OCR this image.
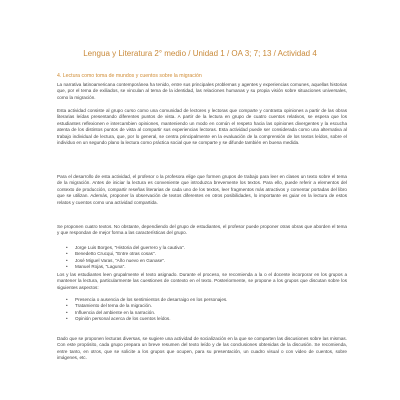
Lengua y Literatura 2° medio / Unidad 1 / OA 3; 7; 13 / Actividad 4
4. Lectura como toma de mundos y cuentos sobre la migración

La narrativa latinoamericana contemporánea ha tenido, entre sus principales problemas y agentes y experiencias comunes, aquellas historias que, por el tema de exiliados, se vinculan al tema de la identidad, las relaciones humanas y su propia visión sobre situaciones universales, como la migración.

Esta actividad consiste al grupo curso como una comunidad de lectores y lectoras que comparte y contrasta opiniones a partir de las obras literarias leídas presentando diferentes puntos de vista. A partir de la lectura en grupo de cuatro cuentos relativos, se espera que los estudiantes reflexionen e intercambien opiniones, manteniendo un modo en común el respeto hacia las opiniones divergentes y la escucha atenta de los distintos puntos de vista al compartir sus experiencias lectoras. Esta actividad puede ser considerada como una alternativa al trabajo individual de lectura, que, por lo general, se centra principalmente en la evaluación de la comprensión de los textos leídos, sobre el individuo en un segundo plano la lectura como práctica social que se comparte y se difunde también en buena medida.

Para el desarrollo de esta actividad, el profesor o la profesora elige que formen grupos de trabajo para leer en clases un texto sobre el tema de la migración. Antes de iniciar la lectura es conveniente que introduzca brevemente los textos. Para ello, puede referir a elementos del contexto de producción, compartir reseñas literarias de cada uno de los textos, leer fragmentos más atractivos y comentar portadas del libro que se utilizan. Además, proponer la observación de textos diferentes en otros posibilidades, lo importante es guiar en la lectura de estos relatos y cuentos como una actividad compartida.

Se proponen cuatro textos. No obstante, dependiendo del grupo de estudiantes, el profesor puede proponer otras obras que aborden el tema y que respondan de mejor forma a las características del grupo.

• Jorge Luis Borges, "Historia del guerrero y la cautiva".
• Benedetto Crucqui, "Entre otras cosas".
• José Miguel Varas, "Año nuevo en Ganase".
• Manuel Rojas, "Laguna".

Los y las estudiantes leen grupalmente el texto asignado. Durante el proceso, se recomienda a la o el docente incorporar en los grupos a mantener la lectura, particularmente las cuestiones de contexto en el texto. Posteriormente, se propone a los grupos que discutan sobre los siguientes aspectos:

• Presencia o ausencia de los sentimientos de desarraigo en los personajes.
• Tratamiento del tema de la migración.
• Influencia del ambiente en la narración.
• Opinión personal acerca de los cuentos leídos.

Dado que se proponen lecturas diversas, se sugiere una actividad de socialización en la que se comparten las discusiones sobre las mismas. Con este propósito, cada grupo prepara un breve resumen del texto leído y de las conclusiones obtenidas de la discusión. Se recomienda, entre tanto, en otros, que se solicite a los grupos que ocupen, para su presentación, un cuadro visual o con video de cuentos, sobre imágenes, etc.
